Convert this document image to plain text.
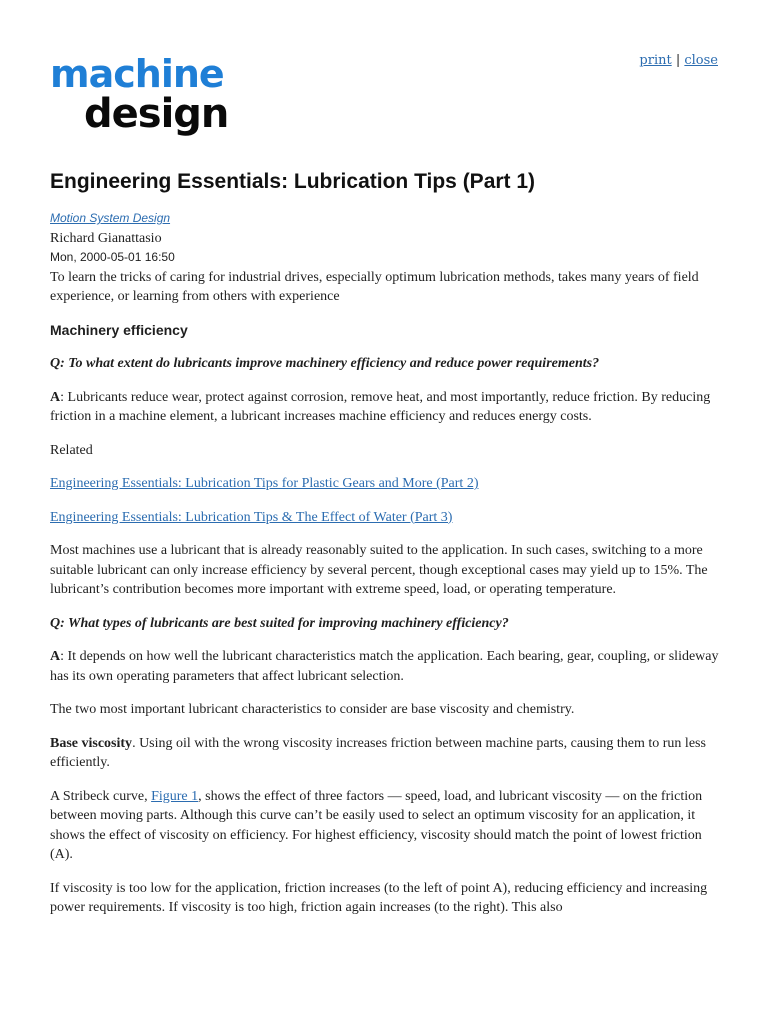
machine
design
print | close
Engineering Essentials: Lubrication Tips (Part 1)
Motion System Design
Richard Gianattasio
Mon, 2000-05-01 16:50

To learn the tricks of caring for industrial drives, especially optimum lubrication methods, takes many years of field experience, or learning from others with experience

Machinery efficiency

Q: To what extent do lubricants improve machinery efficiency and reduce power requirements?

A: Lubricants reduce wear, protect against corrosion, remove heat, and most importantly, reduce friction. By reducing friction in a machine element, a lubricant increases machine efficiency and reduces energy costs.

Related

Engineering Essentials: Lubrication Tips for Plastic Gears and More (Part 2)

Engineering Essentials: Lubrication Tips & The Effect of Water (Part 3)

Most machines use a lubricant that is already reasonably suited to the application. In such cases, switching to a more suitable lubricant can only increase efficiency by several percent, though exceptional cases may yield up to 15%. The lubricant’s contribution becomes more important with extreme speed, load, or operating temperature.

Q: What types of lubricants are best suited for improving machinery efficiency?

A: It depends on how well the lubricant characteristics match the application. Each bearing, gear, coupling, or slideway has its own operating parameters that affect lubricant selection.

The two most important lubricant characteristics to consider are base viscosity and chemistry.

Base viscosity. Using oil with the wrong viscosity increases friction between machine parts, causing them to run less efficiently.

A Stribeck curve, Figure 1, shows the effect of three factors — speed, load, and lubricant viscosity — on the friction between moving parts. Although this curve can’t be easily used to select an optimum viscosity for an application, it shows the effect of viscosity on efficiency. For highest efficiency, viscosity should match the point of lowest friction (A).

If viscosity is too low for the application, friction increases (to the left of point A), reducing efficiency and increasing power requirements. If viscosity is too high, friction again increases (to the right). This also
